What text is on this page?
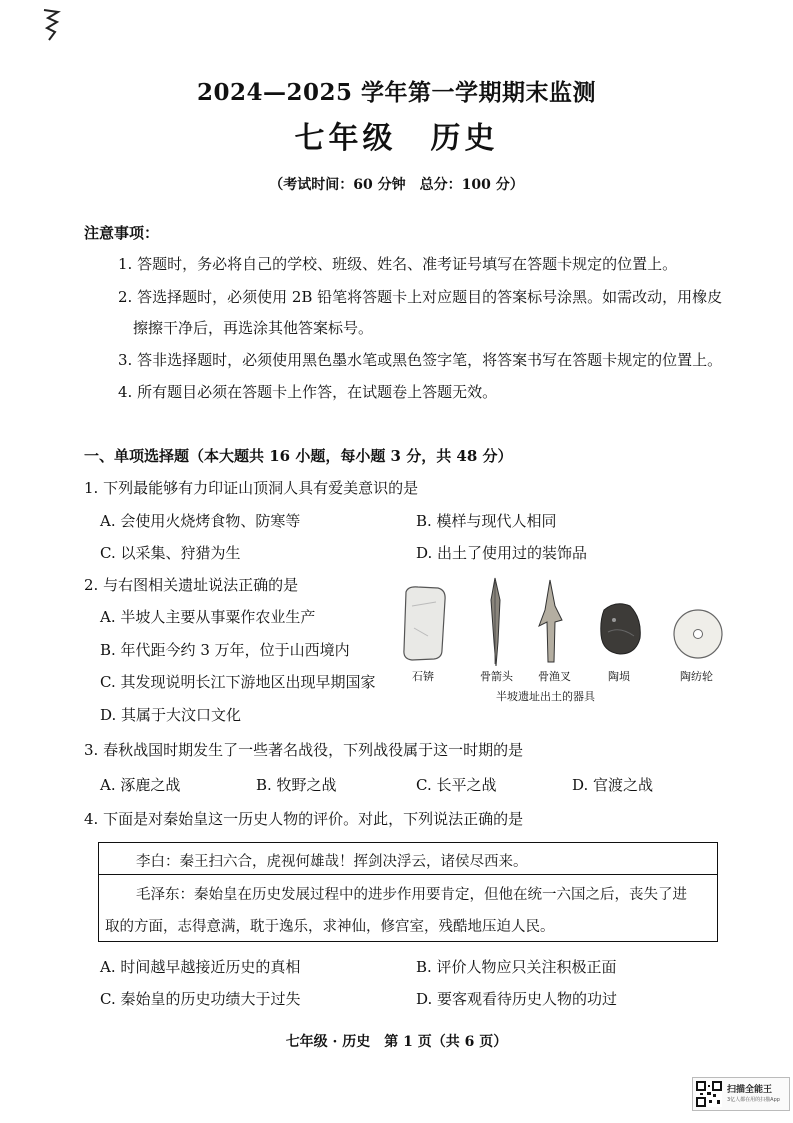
2024—2025 学年第一学期期末监测
七年级　历史
（考试时间：60 分钟　总分：100 分）
注意事项：
1. 答题时，务必将自己的学校、班级、姓名、准考证号填写在答题卡规定的位置上。
2. 答选择题时，必须使用 2B 铅笔将答题卡上对应题目的答案标号涂黑。如需改动，用橡皮
擦擦干净后，再选涂其他答案标号。
3. 答非选择题时，必须使用黑色墨水笔或黑色签字笔，将答案书写在答题卡规定的位置上。
4. 所有题目必须在答题卡上作答，在试题卷上答题无效。
一、单项选择题（本大题共 16 小题，每小题 3 分，共 48 分）
1. 下列最能够有力印证山顶洞人具有爱美意识的是
A. 会使用火烧烤食物、防寒等	B. 模样与现代人相同
C. 以采集、狩猎为生	D. 出土了使用过的装饰品
2. 与右图相关遗址说法正确的是
A. 半坡人主要从事粟作农业生产
B. 年代距今约 3 万年，位于山西境内
C. 其发现说明长江下游地区出现早期国家
D. 其属于大汶口文化
石锛	骨箭头 骨渔叉	陶埙	陶纺轮
半坡遗址出土的器具
3. 春秋战国时期发生了一些著名战役，下列战役属于这一时期的是
A. 涿鹿之战	B. 牧野之战	C. 长平之战	D. 官渡之战
4. 下面是对秦始皇这一历史人物的评价。对此，下列说法正确的是
李白：秦王扫六合，虎视何雄哉！挥剑决浮云，诸侯尽西来。
毛泽东：秦始皇在历史发展过程中的进步作用要肯定，但他在统一六国之后，丧失了进
取的方面，志得意满，耽于逸乐，求神仙，修宫室，残酷地压迫人民。
A. 时间越早越接近历史的真相	B. 评价人物应只关注积极正面
C. 秦始皇的历史功绩大于过失	D. 要客观看待历史人物的功过
七年级 · 历史　第 1 页（共 6 页）
扫描全能王
3亿人都在用的扫描App
